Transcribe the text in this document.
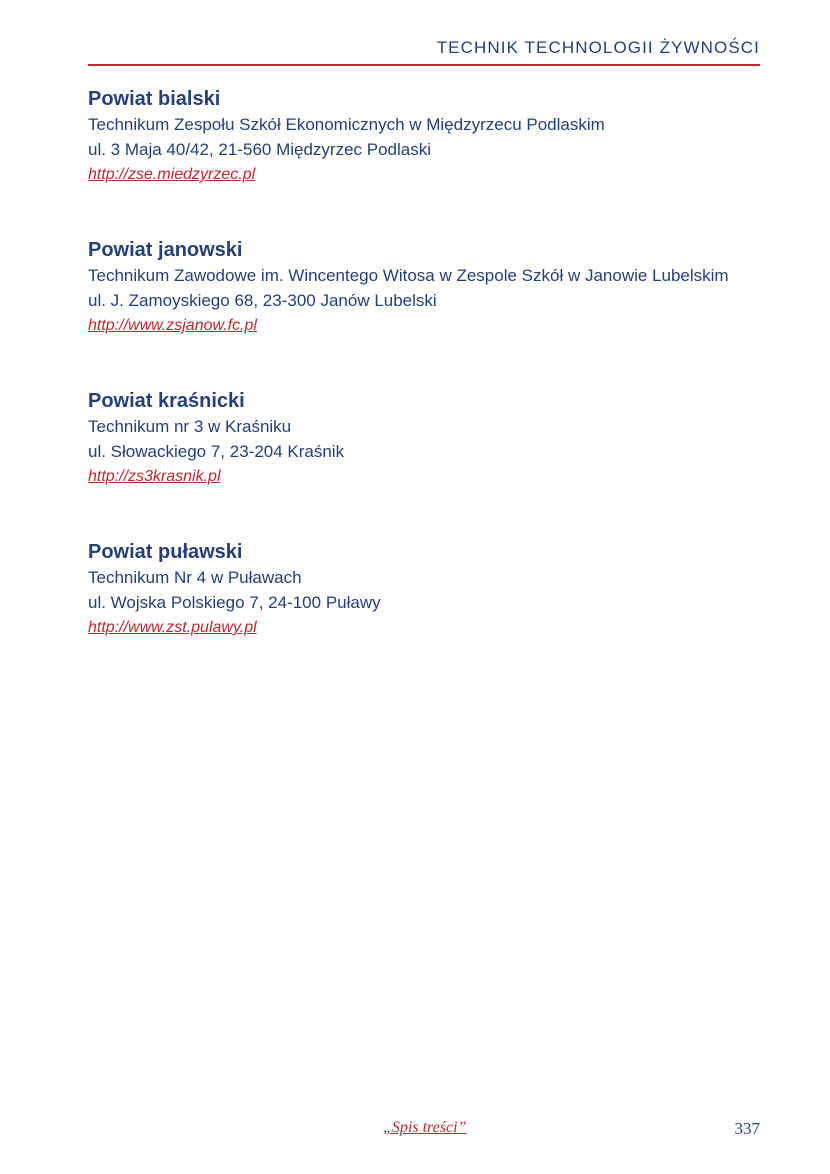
TECHNIK TECHNOLOGII ŻYWNOŚCI
Powiat bialski
Technikum Zespołu Szkół Ekonomicznych w Międzyrzecu Podlaskim
ul. 3 Maja 40/42, 21-560 Międzyrzec Podlaski
http://zse.miedzyrzec.pl
Powiat janowski
Technikum Zawodowe im. Wincentego Witosa w Zespole Szkół w Janowie Lubelskim
ul. J. Zamoyskiego 68, 23-300 Janów Lubelski
http://www.zsjanow.fc.pl
Powiat kraśnicki
Technikum nr 3 w Kraśniku
ul. Słowackiego 7, 23-204 Kraśnik
http://zs3krasnik.pl
Powiat puławski
Technikum Nr 4 w Puławach
ul. Wojska Polskiego 7, 24-100 Puławy
http://www.zst.pulawy.pl
„Spis treści”	337
